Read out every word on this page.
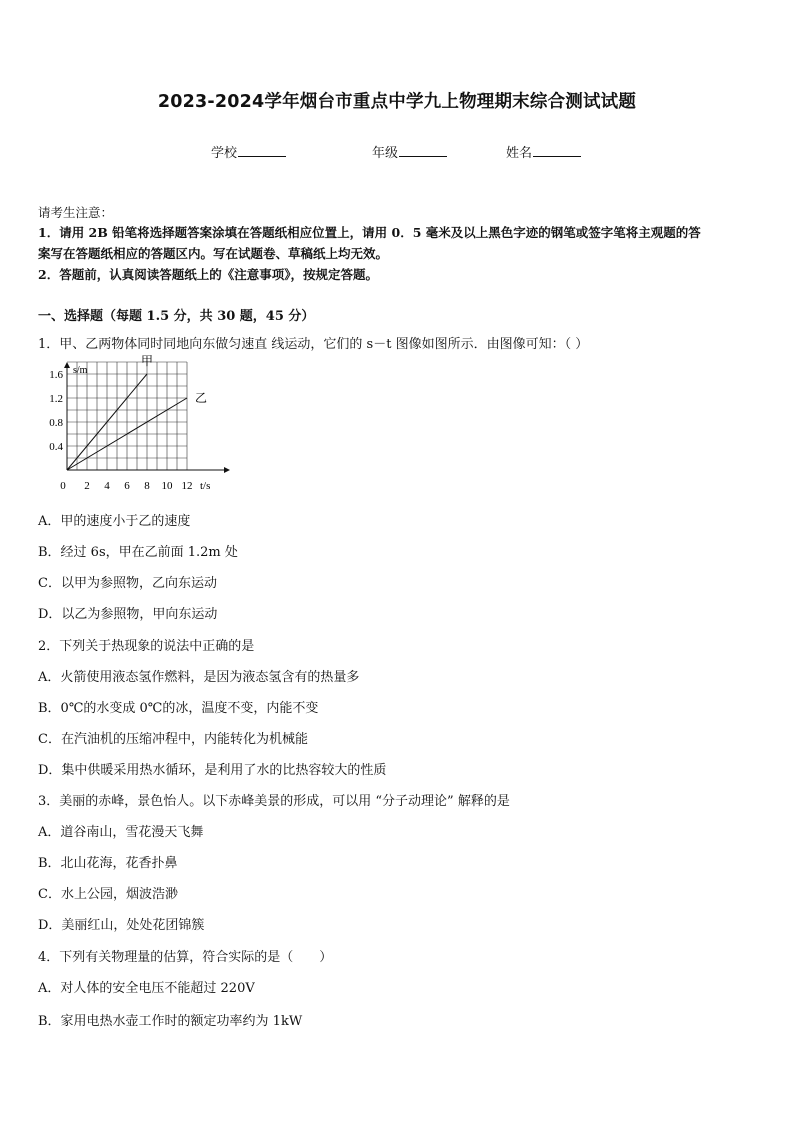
2023-2024学年烟台市重点中学九上物理期末综合测试试题
学校	年级	姓名
请考生注意：
1．请用 2B 铅笔将选择题答案涂填在答题纸相应位置上，请用 0．5 毫米及以上黑色字迹的钢笔或签字笔将主观题的答
案写在答题纸相应的答题区内。写在试题卷、草稿纸上均无效。
2．答题前，认真阅读答题纸上的《注意事项》，按规定答题。
一、选择题（每题 1.5 分，共 30 题，45 分）
1．甲、乙两物体同时同地向东做匀速直 线运动，它们的 s－t 图像如图所示．由图像可知：（ ）
s/m
t/s
0 2 4 6 8 10 12
0.4
0.8
1.2
1.6
甲
乙
A．甲的速度小于乙的速度
B．经过 6s，甲在乙前面 1.2m 处
C．以甲为参照物，乙向东运动
D．以乙为参照物，甲向东运动
2．下列关于热现象的说法中正确的是
A．火箭使用液态氢作燃料，是因为液态氢含有的热量多
B．0℃的水变成 0℃的冰，温度不变，内能不变
C．在汽油机的压缩冲程中，内能转化为机械能
D．集中供暖采用热水循环，是利用了水的比热容较大的性质
3．美丽的赤峰，景色怡人。以下赤峰美景的形成，可以用 “分子动理论” 解释的是
A．道谷南山，雪花漫天飞舞
B．北山花海，花香扑鼻
C．水上公园，烟波浩渺
D．美丽红山，处处花团锦簇
4．下列有关物理量的估算，符合实际的是（　　）
A．对人体的安全电压不能超过 220V
B．家用电热水壶工作时的额定功率约为 1kW
